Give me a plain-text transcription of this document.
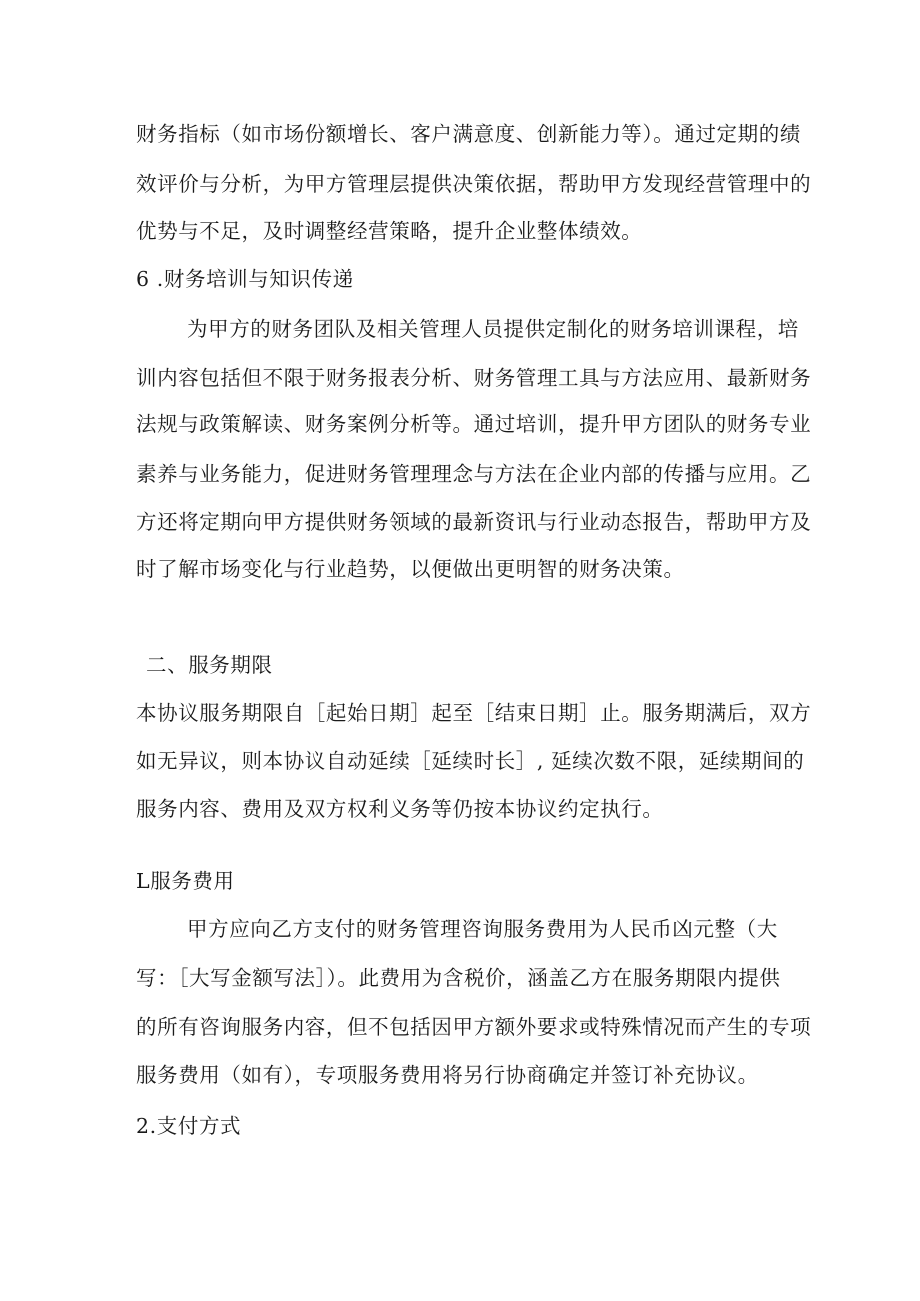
财务指标（如市场份额增长、客户满意度、创新能力等）。通过定期的绩
效评价与分析，为甲方管理层提供决策依据，帮助甲方发现经营管理中的
优势与不足，及时调整经营策略，提升企业整体绩效。
6 .财务培训与知识传递
为甲方的财务团队及相关管理人员提供定制化的财务培训课程，培
训内容包括但不限于财务报表分析、财务管理工具与方法应用、最新财务
法规与政策解读、财务案例分析等。通过培训，提升甲方团队的财务专业
素养与业务能力，促进财务管理理念与方法在企业内部的传播与应用。乙
方还将定期向甲方提供财务领域的最新资讯与行业动态报告，帮助甲方及
时了解市场变化与行业趋势，以便做出更明智的财务决策。
二、服务期限
本协议服务期限自［起始日期］起至［结束日期］止。服务期满后，双方
如无异议，则本协议自动延续［延续时长］, 延续次数不限，延续期间的
服务内容、费用及双方权利义务等仍按本协议约定执行。
L服务费用
甲方应向乙方支付的财务管理咨询服务费用为人民币凶元整（大
写：［大写金额写法］）。此费用为含税价，涵盖乙方在服务期限内提供
的所有咨询服务内容，但不包括因甲方额外要求或特殊情况而产生的专项
服务费用（如有），专项服务费用将另行协商确定并签订补充协议。
2.支付方式
